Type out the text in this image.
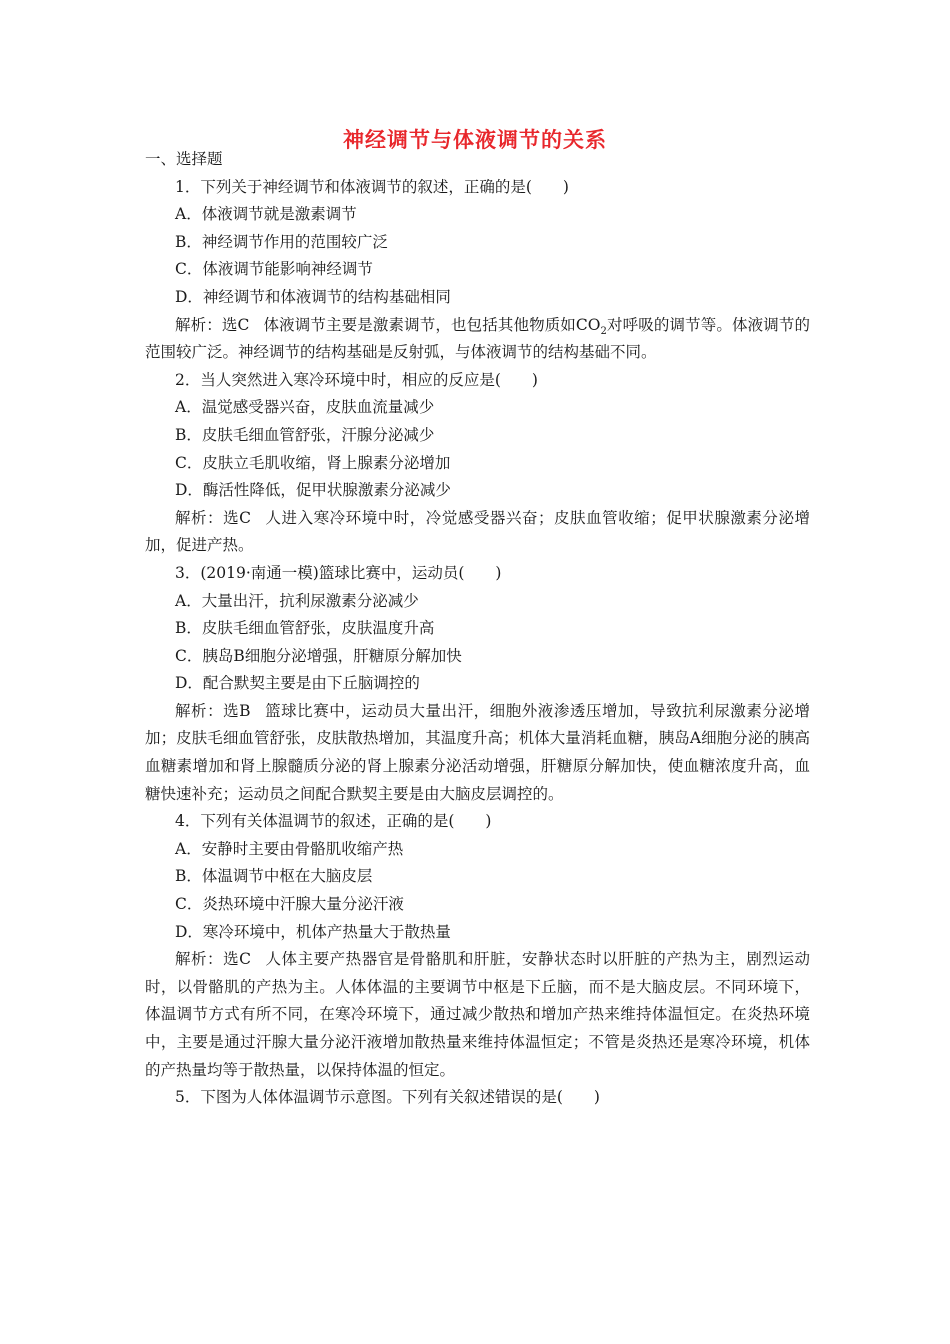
神经调节与体液调节的关系

一、选择题

1．下列关于神经调节和体液调节的叙述，正确的是(　　)

A．体液调节就是激素调节

B．神经调节作用的范围较广泛

C．体液调节能影响神经调节

D．神经调节和体液调节的结构基础相同

解析：选C 体液调节主要是激素调节，也包括其他物质如$CO_2$对呼吸的调节等。体液调节的范围较广泛。神经调节的结构基础是反射弧，与体液调节的结构基础不同。

2．当人突然进入寒冷环境中时，相应的反应是(　　)

A．温觉感受器兴奋，皮肤血流量减少

B．皮肤毛细血管舒张，汗腺分泌减少

C．皮肤立毛肌收缩，肾上腺素分泌增加

D．酶活性降低，促甲状腺激素分泌减少

解析：选C 人进入寒冷环境中时，冷觉感受器兴奋；皮肤血管收缩；促甲状腺激素分泌增加，促进产热。

3．(2019·南通一模)篮球比赛中，运动员(　　)

A．大量出汗，抗利尿激素分泌减少

B．皮肤毛细血管舒张，皮肤温度升高

C．胰岛B细胞分泌增强，肝糖原分解加快

D．配合默契主要是由下丘脑调控的

解析：选B 篮球比赛中，运动员大量出汗，细胞外液渗透压增加，导致抗利尿激素分泌增加；皮肤毛细血管舒张，皮肤散热增加，其温度升高；机体大量消耗血糖，胰岛A细胞分泌的胰高血糖素增加和肾上腺髓质分泌的肾上腺素分泌活动增强，肝糖原分解加快，使血糖浓度升高，血糖快速补充；运动员之间配合默契主要是由大脑皮层调控的。

4．下列有关体温调节的叙述，正确的是(　　)

A．安静时主要由骨骼肌收缩产热

B．体温调节中枢在大脑皮层

C．炎热环境中汗腺大量分泌汗液

D．寒冷环境中，机体产热量大于散热量

解析：选C 人体主要产热器官是骨骼肌和肝脏，安静状态时以肝脏的产热为主，剧烈运动时，以骨骼肌的产热为主。人体体温的主要调节中枢是下丘脑，而不是大脑皮层。不同环境下，体温调节方式有所不同，在寒冷环境下，通过减少散热和增加产热来维持体温恒定。在炎热环境中，主要是通过汗腺大量分泌汗液增加散热量来维持体温恒定；不管是炎热还是寒冷环境，机体的产热量均等于散热量，以保持体温的恒定。

5．下图为人体体温调节示意图。下列有关叙述错误的是(　　)
